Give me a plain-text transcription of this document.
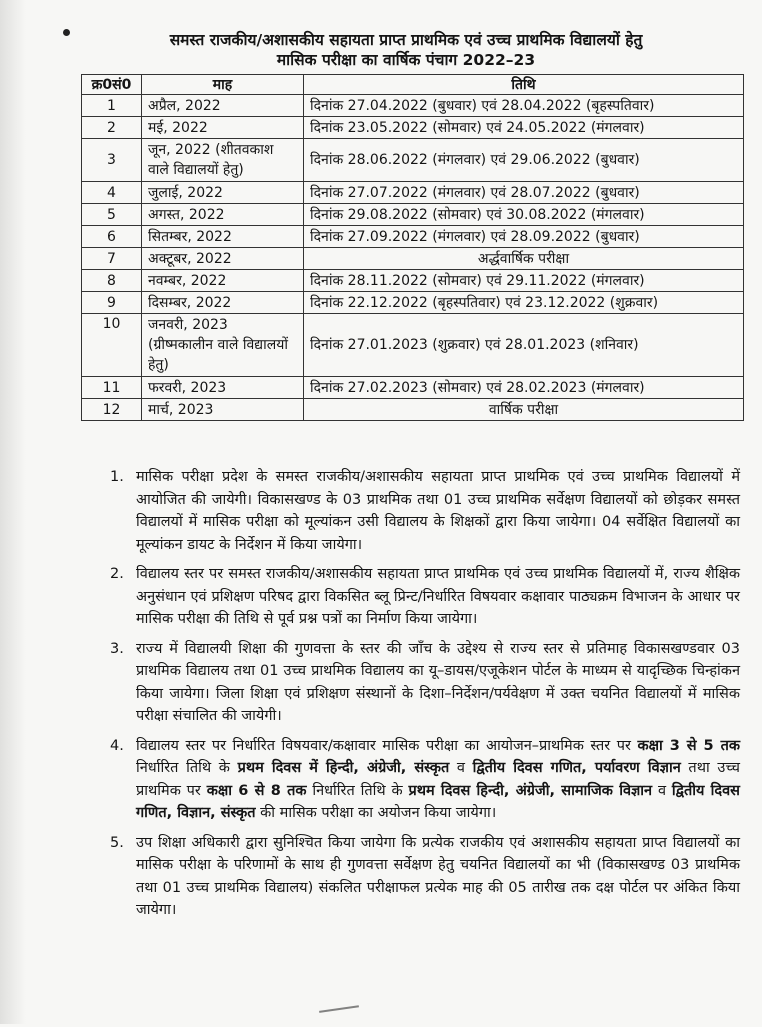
समस्त राजकीय/अशासकीय सहायता प्राप्त प्राथमिक एवं उच्च प्राथमिक विद्यालयों हेतु
मासिक परीक्षा का वार्षिक पंचाग 2022–23
क्र0सं0	माह	तिथि
1	अप्रैल, 2022	दिनांक 27.04.2022 (बुधवार) एवं 28.04.2022 (बृहस्पतिवार)
2	मई, 2022	दिनांक 23.05.2022 (सोमवार) एवं 24.05.2022 (मंगलवार)
3	जून, 2022 (शीतवकाश वाले विद्यालयों हेतु)	दिनांक 28.06.2022 (मंगलवार) एवं 29.06.2022 (बुधवार)
4	जुलाई, 2022	दिनांक 27.07.2022 (मंगलवार) एवं 28.07.2022 (बुधवार)
5	अगस्त, 2022	दिनांक 29.08.2022 (सोमवार) एवं 30.08.2022 (मंगलवार)
6	सितम्बर, 2022	दिनांक 27.09.2022 (मंगलवार) एवं 28.09.2022 (बुधवार)
7	अक्टूबर, 2022	अर्द्धवार्षिक परीक्षा
8	नवम्बर, 2022	दिनांक 28.11.2022 (सोमवार) एवं 29.11.2022 (मंगलवार)
9	दिसम्बर, 2022	दिनांक 22.12.2022 (बृहस्पतिवार) एवं 23.12.2022 (शुक्रवार)
10	जनवरी, 2023 (ग्रीष्मकालीन वाले विद्यालयों हेतु)	दिनांक 27.01.2023 (शुक्रवार) एवं 28.01.2023 (शनिवार)
11	फरवरी, 2023	दिनांक 27.02.2023 (सोमवार) एवं 28.02.2023 (मंगलवार)
12	मार्च, 2023	वार्षिक परीक्षा
1. मासिक परीक्षा प्रदेश के समस्त राजकीय/अशासकीय सहायता प्राप्त प्राथमिक एवं उच्च प्राथमिक विद्यालयों में आयोजित की जायेगी। विकासखण्ड के 03 प्राथमिक तथा 01 उच्च प्राथमिक सर्वेक्षण विद्यालयों को छोड़कर समस्त विद्यालयों में मासिक परीक्षा को मूल्यांकन उसी विद्यालय के शिक्षकों द्वारा किया जायेगा। 04 सर्वेक्षित विद्यालयों का मूल्यांकन डायट के निर्देशन में किया जायेगा।
2. विद्यालय स्तर पर समस्त राजकीय/अशासकीय सहायता प्राप्त प्राथमिक एवं उच्च प्राथमिक विद्यालयों में, राज्य शैक्षिक अनुसंधान एवं प्रशिक्षण परिषद द्वारा विकसित ब्लू प्रिन्ट/निर्धारित विषयवार कक्षावार पाठ्यक्रम विभाजन के आधार पर मासिक परीक्षा की तिथि से पूर्व प्रश्न पत्रों का निर्माण किया जायेगा।
3. राज्य में विद्यालयी शिक्षा की गुणवत्ता के स्तर की जाँच के उद्देश्य से राज्य स्तर से प्रतिमाह विकासखण्डवार 03 प्राथमिक विद्यालय तथा 01 उच्च प्राथमिक विद्यालय का यू–डायस/एजूकेशन पोर्टल के माध्यम से यादृच्छिक चिन्हांकन किया जायेगा। जिला शिक्षा एवं प्रशिक्षण संस्थानों के दिशा–निर्देशन/पर्यवेक्षण में उक्त चयनित विद्यालयों में मासिक परीक्षा संचालित की जायेगी।
4. विद्यालय स्तर पर निर्धारित विषयवार/कक्षावार मासिक परीक्षा का आयोजन–प्राथमिक स्तर पर कक्षा 3 से 5 तक निर्धारित तिथि के प्रथम दिवस में हिन्दी, अंग्रेजी, संस्कृत व द्वितीय दिवस गणित, पर्यावरण विज्ञान तथा उच्च प्राथमिक पर कक्षा 6 से 8 तक निर्धारित तिथि के प्रथम दिवस हिन्दी, अंग्रेजी, सामाजिक विज्ञान व द्वितीय दिवस गणित, विज्ञान, संस्कृत की मासिक परीक्षा का अयोजन किया जायेगा।
5. उप शिक्षा अधिकारी द्वारा सुनिश्चित किया जायेगा कि प्रत्येक राजकीय एवं अशासकीय सहायता प्राप्त विद्यालयों का मासिक परीक्षा के परिणामों के साथ ही गुणवत्ता सर्वेक्षण हेतु चयनित विद्यालयों का भी (विकासखण्ड 03 प्राथमिक तथा 01 उच्च प्राथमिक विद्यालय) संकलित परीक्षाफल प्रत्येक माह की 05 तारीख तक दक्ष पोर्टल पर अंकित किया जायेगा।
